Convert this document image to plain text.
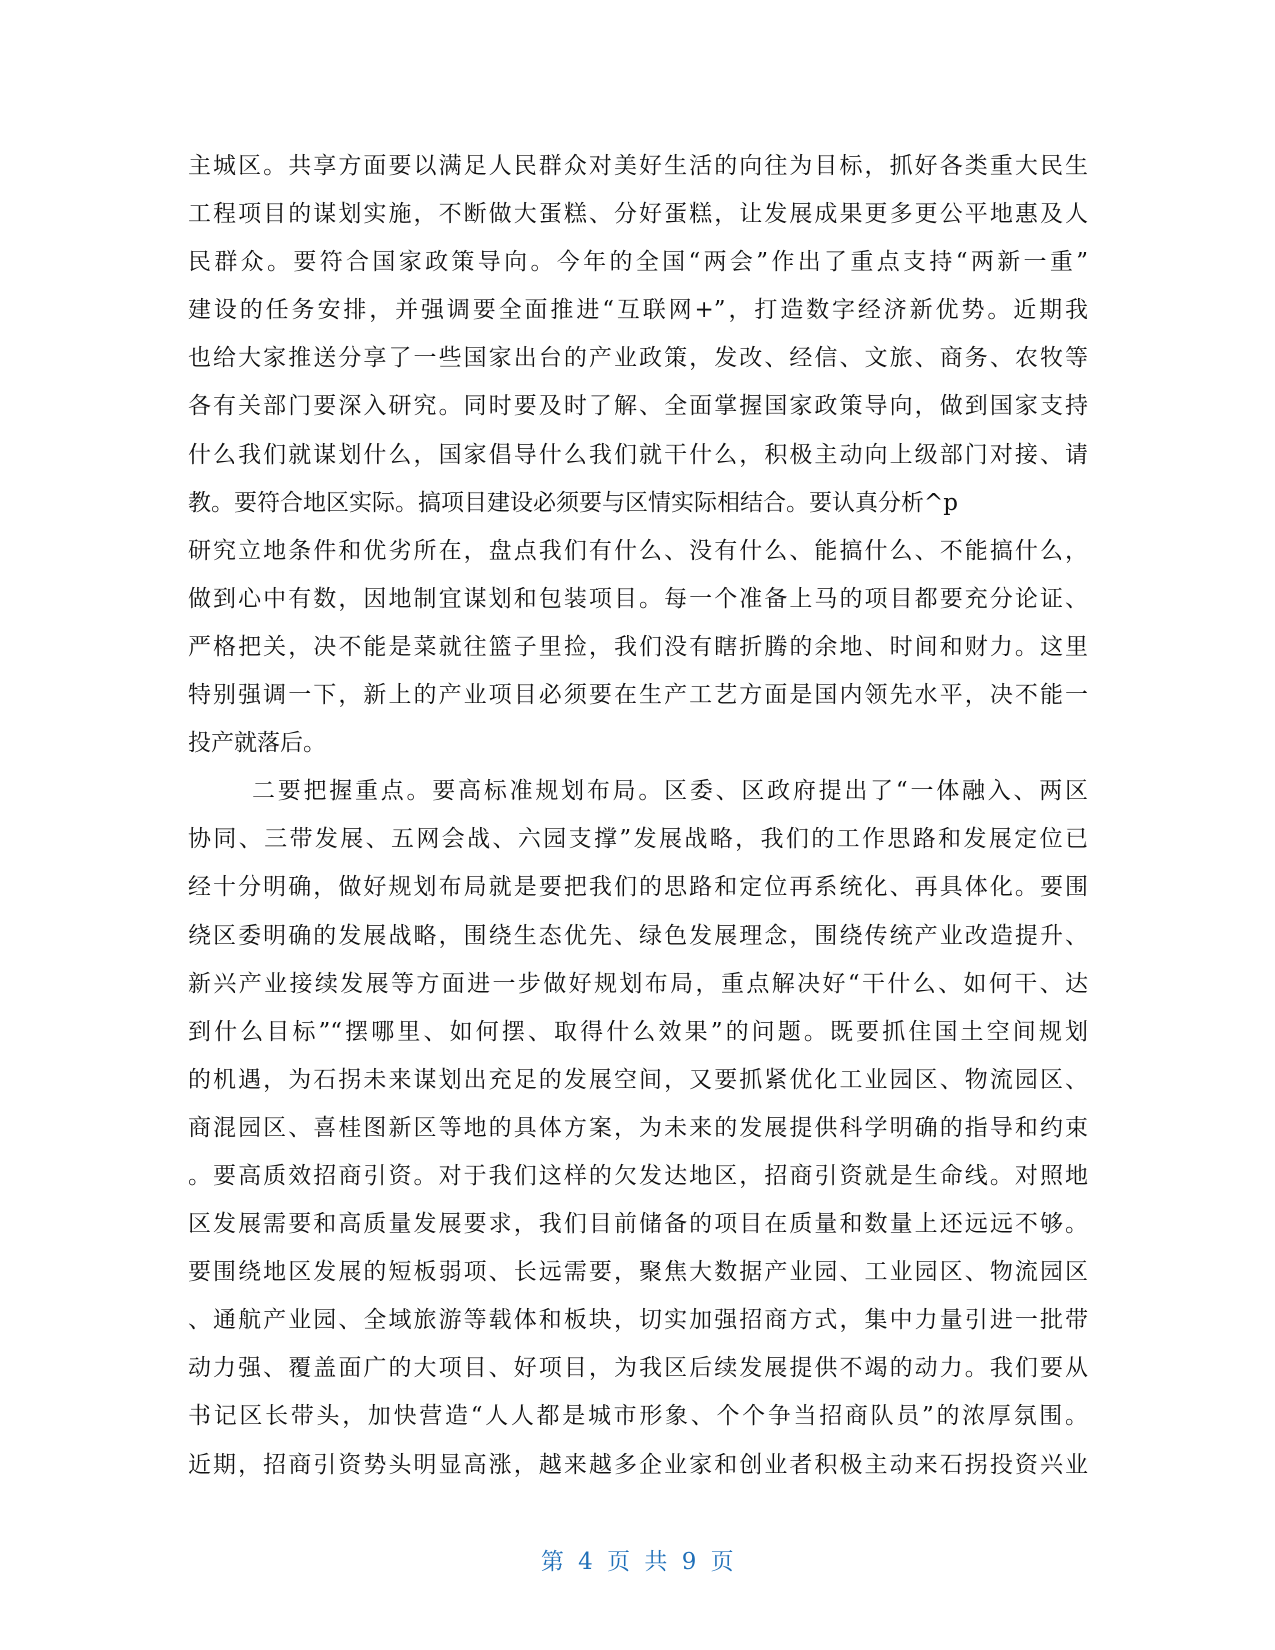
主城区。共享方面要以满足人民群众对美好生活的向往为目标，抓好各类重大民生
工程项目的谋划实施，不断做大蛋糕、分好蛋糕，让发展成果更多更公平地惠及人
民群众。要符合国家政策导向。今年的全国“两会”作出了重点支持“两新一重”
建设的任务安排，并强调要全面推进“互联网+”，打造数字经济新优势。近期我
也给大家推送分享了一些国家出台的产业政策，发改、经信、文旅、商务、农牧等
各有关部门要深入研究。同时要及时了解、全面掌握国家政策导向，做到国家支持
什么我们就谋划什么，国家倡导什么我们就干什么，积极主动向上级部门对接、请
教。要符合地区实际。搞项目建设必须要与区情实际相结合。要认真分析^p
研究立地条件和优劣所在，盘点我们有什么、没有什么、能搞什么、不能搞什么，
做到心中有数，因地制宜谋划和包装项目。每一个准备上马的项目都要充分论证、
严格把关，决不能是菜就往篮子里捡，我们没有瞎折腾的余地、时间和财力。这里
特别强调一下，新上的产业项目必须要在生产工艺方面是国内领先水平，决不能一
投产就落后。
二要把握重点。要高标准规划布局。区委、区政府提出了“一体融入、两区
协同、三带发展、五网会战、六园支撑”发展战略，我们的工作思路和发展定位已
经十分明确，做好规划布局就是要把我们的思路和定位再系统化、再具体化。要围
绕区委明确的发展战略，围绕生态优先、绿色发展理念，围绕传统产业改造提升、
新兴产业接续发展等方面进一步做好规划布局，重点解决好“干什么、如何干、达
到什么目标”“摆哪里、如何摆、取得什么效果”的问题。既要抓住国土空间规划
的机遇，为石拐未来谋划出充足的发展空间，又要抓紧优化工业园区、物流园区、
商混园区、喜桂图新区等地的具体方案，为未来的发展提供科学明确的指导和约束
。要高质效招商引资。对于我们这样的欠发达地区，招商引资就是生命线。对照地
区发展需要和高质量发展要求，我们目前储备的项目在质量和数量上还远远不够。
要围绕地区发展的短板弱项、长远需要，聚焦大数据产业园、工业园区、物流园区
、通航产业园、全域旅游等载体和板块，切实加强招商方式，集中力量引进一批带
动力强、覆盖面广的大项目、好项目，为我区后续发展提供不竭的动力。我们要从
书记区长带头，加快营造“人人都是城市形象、个个争当招商队员”的浓厚氛围。
近期，招商引资势头明显高涨，越来越多企业家和创业者积极主动来石拐投资兴业
第 4 页 共 9 页
